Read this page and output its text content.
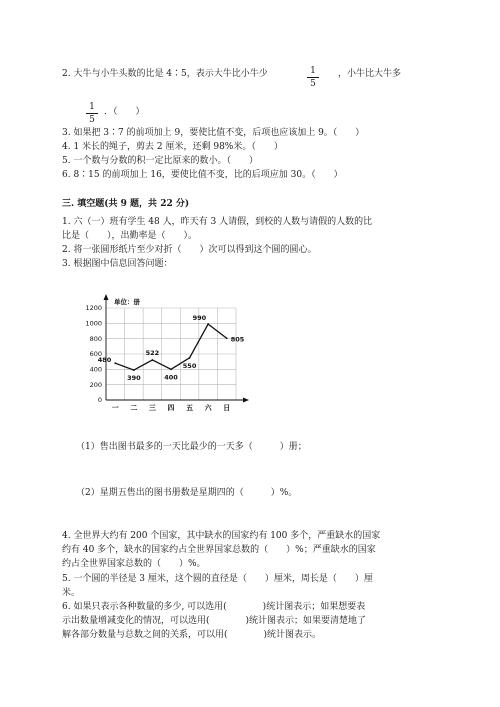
2. 大牛与小牛头数的比是 4∶5，表示大牛比小牛少	1
5
，小牛比大牛多
1
5
．（　　）
3. 如果把 3∶7 的前项加上 9，要使比值不变，后项也应该加上 9。（　　）
4. 1 米长的绳子，剪去 2 厘米，还剩 98%米。（　　）
5. 一个数与分数的积一定比原来的数小。（　　）
6. 8∶15 的前项加上 16，要使比值不变，比的后项应加 30。（　　）
三. 填空题(共 9 题，共 22 分)
1. 六（一）班有学生 48 人，昨天有 3 人请假，到校的人数与请假的人数的比
比是（　　），出勤率是（　　）。
2. 将一张圆形纸片至少对折（　　）次可以得到这个圆的圆心。
3. 根据图中信息回答问题：
0
200
400
600
800
1000
1200
一 二 三 四 五 六 日
480
390
522
400
550
990
805
单位：册
（1）售出图书最多的一天比最少的一天多（　　　）册；
（2）星期五售出的图书册数是星期四的（　　　）%。
4. 全世界大约有 200 个国家，其中缺水的国家约有 100 多个，严重缺水的国家
约有 40 多个，缺水的国家约占全世界国家总数的（　　）%；严重缺水的国家
约占全世界国家总数的（　　）%。
5. 一个圆的半径是 3 厘米，这个圆的直径是（　　）厘米，周长是（　　）厘
米。
6. 如果只表示各种数量的多少, 可以选用(　　　　)统计图表示；如果想要表
示出数量增减变化的情况，可以选用(　　　　)统计图表示；如果要清楚地了
解各部分数量与总数之间的关系，可以用(　　　　)统计图表示。
